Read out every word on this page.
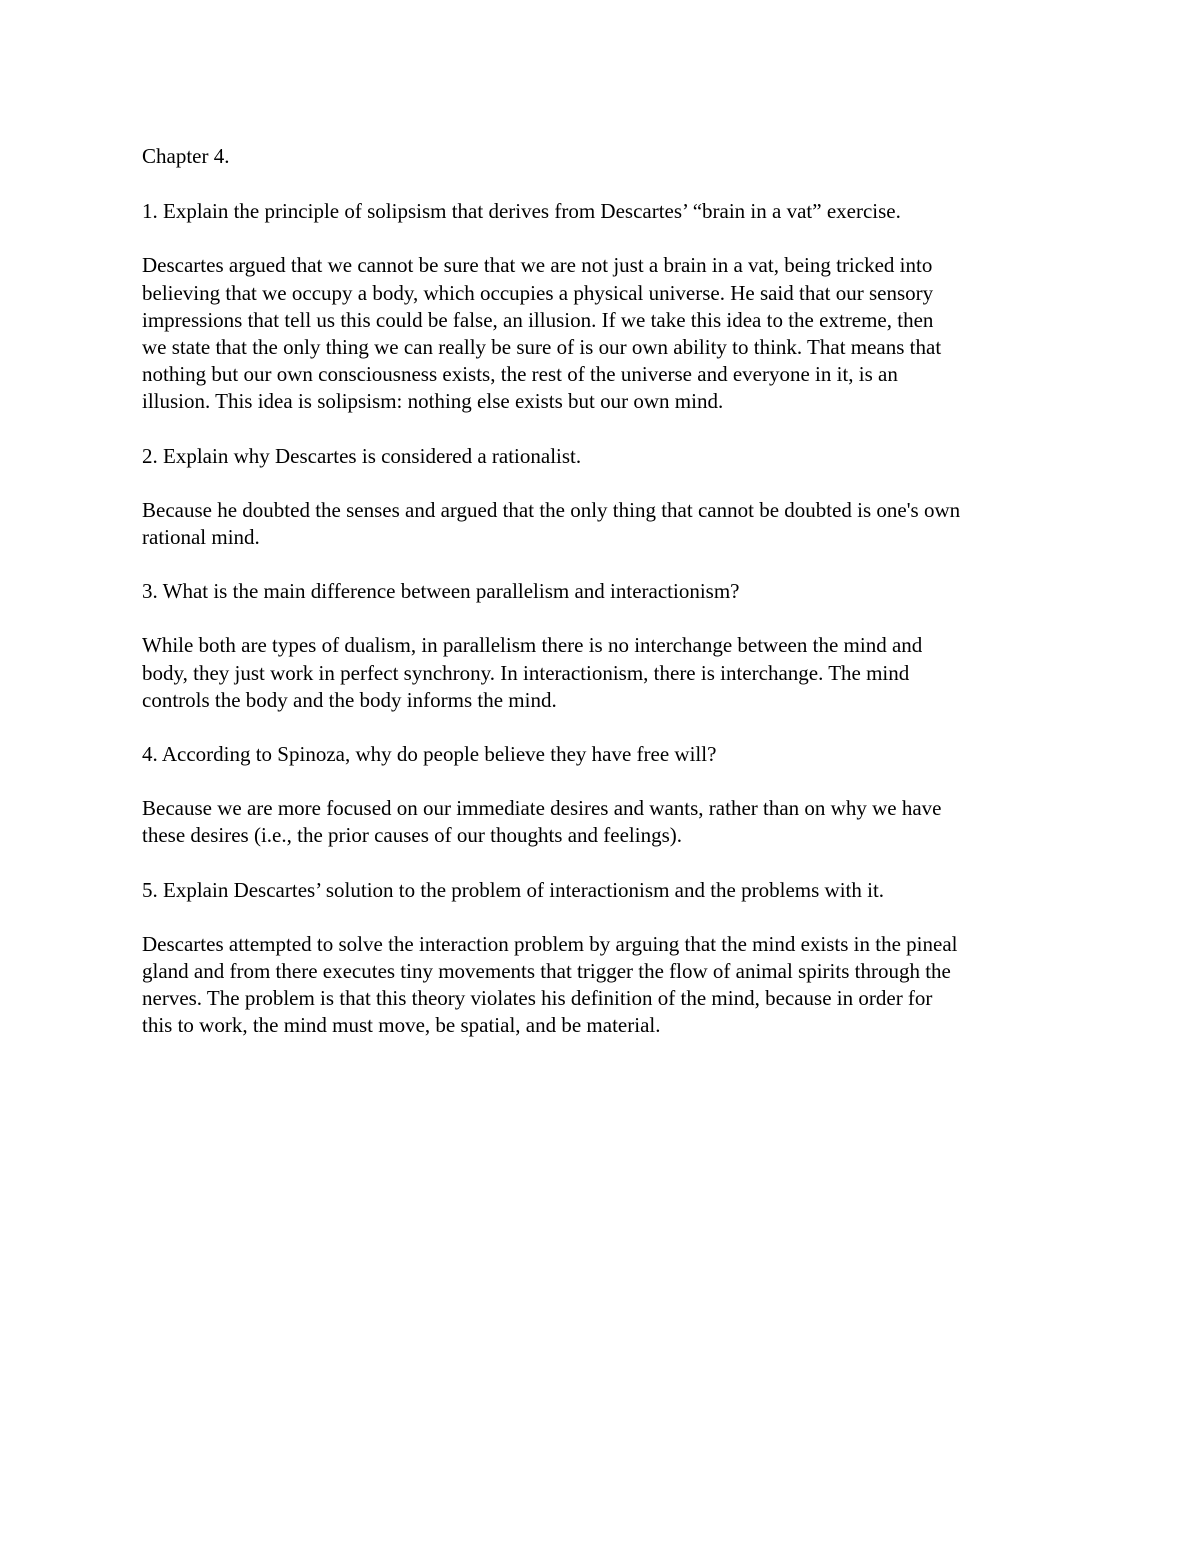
Chapter 4.

1. Explain the principle of solipsism that derives from Descartes’ “brain in a vat” exercise.

Descartes argued that we cannot be sure that we are not just a brain in a vat, being tricked into
believing that we occupy a body, which occupies a physical universe. He said that our sensory
impressions that tell us this could be false, an illusion. If we take this idea to the extreme, then
we state that the only thing we can really be sure of is our own ability to think. That means that
nothing but our own consciousness exists, the rest of the universe and everyone in it, is an
illusion. This idea is solipsism: nothing else exists but our own mind.

2. Explain why Descartes is considered a rationalist.

Because he doubted the senses and argued that the only thing that cannot be doubted is one's own
rational mind.

3. What is the main difference between parallelism and interactionism?

While both are types of dualism, in parallelism there is no interchange between the mind and
body, they just work in perfect synchrony. In interactionism, there is interchange. The mind
controls the body and the body informs the mind.

4. According to Spinoza, why do people believe they have free will?

Because we are more focused on our immediate desires and wants, rather than on why we have
these desires (i.e., the prior causes of our thoughts and feelings).

5. Explain Descartes’ solution to the problem of interactionism and the problems with it.

Descartes attempted to solve the interaction problem by arguing that the mind exists in the pineal
gland and from there executes tiny movements that trigger the flow of animal spirits through the
nerves. The problem is that this theory violates his definition of the mind, because in order for
this to work, the mind must move, be spatial, and be material.
